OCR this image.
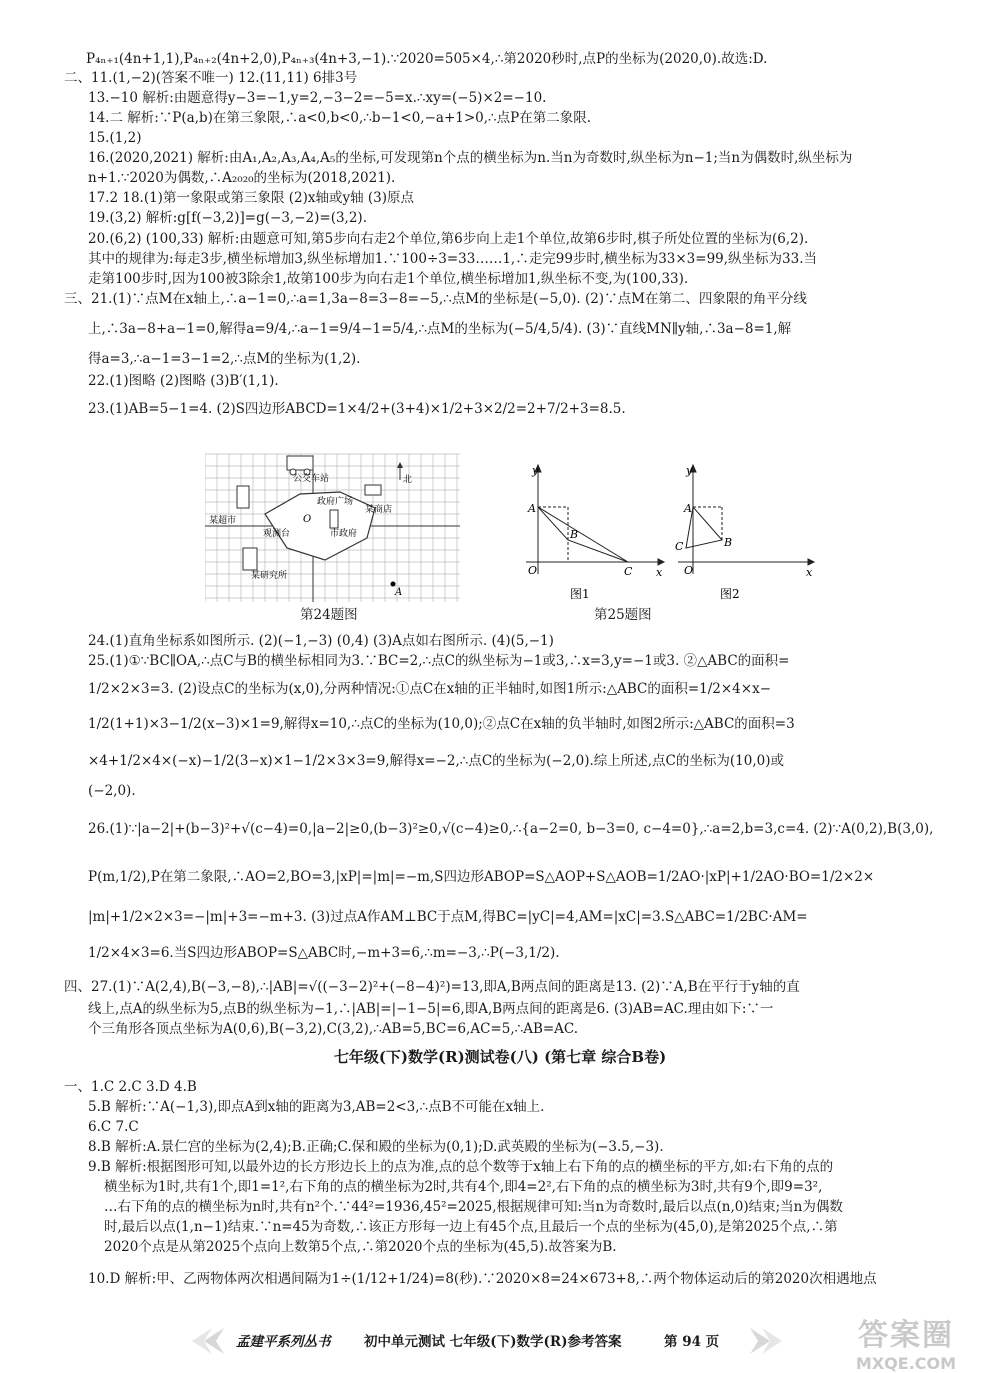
P₄ₙ₊₁(4n+1,1),P₄ₙ₊₂(4n+2,0),P₄ₙ₊₃(4n+3,−1).∵2020=505×4,∴第2020秒时,点P的坐标为(2020,0).故选:D.
二、11.(1,−2)(答案不唯一) 12.(11,11) 6排3号
13.−10 解析:由题意得y−3=−1,y=2,−3−2=−5=x.∴xy=(−5)×2=−10.
14.二 解析:∵P(a,b)在第三象限,∴a<0,b<0,∴b−1<0,−a+1>0,∴点P在第二象限.
15.(1,2)
16.(2020,2021) 解析:由A₁,A₂,A₃,A₄,A₅的坐标,可发现第n个点的横坐标为n.当n为奇数时,纵坐标为n−1;当n为偶数时,纵坐标为
n+1.∵2020为偶数,∴A₂₀₂₀的坐标为(2018,2021).
17.2 18.(1)第一象限或第三象限 (2)x轴或y轴 (3)原点
19.(3,2) 解析:g[f(−3,2)]=g(−3,−2)=(3,2).
20.(6,2) (100,33) 解析:由题意可知,第5步向右走2个单位,第6步向上走1个单位,故第6步时,棋子所处位置的坐标为(6,2).
其中的规律为:每走3步,横坐标增加3,纵坐标增加1.∵100÷3=33……1,∴走完99步时,横坐标为33×3=99,纵坐标为33.当
走第100步时,因为100被3除余1,故第100步为向右走1个单位,横坐标增加1,纵坐标不变,为(100,33).
三、21.(1)∵点M在x轴上,∴a−1=0,∴a=1,3a−8=3−8=−5,∴点M的坐标是(−5,0). (2)∵点M在第二、四象限的角平分线
上,∴3a−8+a−1=0,解得a=9/4,∴a−1=9/4−1=5/4,∴点M的坐标为(−5/4,5/4). (3)∵直线MN∥y轴,∴3a−8=1,解
得a=3,∴a−1=3−1=2,∴点M的坐标为(1,2).
22.(1)图略 (2)图略 (3)B′(1,1).
23.(1)AB=5−1=4. (2)S四边形ABCD=1×4/2+(3+4)×1/2+3×2/2=2+7/2+3=8.5.
24.(1)直角坐标系如图所示. (2)(−1,−3) (0,4) (3)A点如右图所示. (4)(5,−1)
25.(1)①∵BC∥OA,∴点C与B的横坐标相同为3.∵BC=2,∴点C的纵坐标为−1或3,∴x=3,y=−1或3. ②△ABC的面积=
1/2×2×3=3. (2)设点C的坐标为(x,0),分两种情况:①点C在x轴的正半轴时,如图1所示:△ABC的面积=1/2×4×x−
1/2(1+1)×3−1/2(x−3)×1=9,解得x=10,∴点C的坐标为(10,0);②点C在x轴的负半轴时,如图2所示:△ABC的面积=3
×4+1/2×4×(−x)−1/2(3−x)×1−1/2×3×3=9,解得x=−2,∴点C的坐标为(−2,0).综上所述,点C的坐标为(10,0)或
(−2,0).
26.(1)∵|a−2|+(b−3)²+√(c−4)=0,|a−2|≥0,(b−3)²≥0,√(c−4)≥0,∴{a−2=0, b−3=0, c−4=0},∴a=2,b=3,c=4. (2)∵A(0,2),B(3,0),
P(m,1/2),P在第二象限,∴AO=2,BO=3,|xP|=|m|=−m,S四边形ABOP=S△AOP+S△AOB=1/2AO·|xP|+1/2AO·BO=1/2×2×
|m|+1/2×2×3=−|m|+3=−m+3. (3)过点A作AM⊥BC于点M,得BC=|yC|=4,AM=|xC|=3.S△ABC=1/2BC·AM=
1/2×4×3=6.当S四边形ABOP=S△ABC时,−m+3=6,∴m=−3,∴P(−3,1/2).
四、27.(1)∵A(2,4),B(−3,−8),∴|AB|=√((−3−2)²+(−8−4)²)=13,即A,B两点间的距离是13. (2)∵A,B在平行于y轴的直
线上,点A的纵坐标为5,点B的纵坐标为−1,∴|AB|=|−1−5|=6,即A,B两点间的距离是6. (3)AB=AC.理由如下:∵一
个三角形各顶点坐标为A(0,6),B(−3,2),C(3,2),∴AB=5,BC=6,AC=5,∴AB=AC.
一、1.C 2.C 3.D 4.B
5.B 解析:∵A(−1,3),即点A到x轴的距离为3,AB=2<3,∴点B不可能在x轴上.
6.C 7.C
8.B 解析:A.景仁宫的坐标为(2,4);B.正确;C.保和殿的坐标为(0,1);D.武英殿的坐标为(−3.5,−3).
9.B 解析:根据图形可知,以最外边的长方形边长上的点为准,点的总个数等于x轴上右下角的点的横坐标的平方,如:右下角的点的
横坐标为1时,共有1个,即1=1²,右下角的点的横坐标为2时,共有4个,即4=2²,右下角的点的横坐标为3时,共有9个,即9=3²,
…右下角的点的横坐标为n时,共有n²个.∵44²=1936,45²=2025,根据规律可知:当n为奇数时,最后以点(n,0)结束;当n为偶数
时,最后以点(1,n−1)结束.∵n=45为奇数,∴该正方形每一边上有45个点,且最后一个点的坐标为(45,0),是第2025个点,∴第
2020个点是从第2025个点向上数第5个点,∴第2020个点的坐标为(45,5).故答案为B.
10.D 解析:甲、乙两物体两次相遇间隔为1÷(1/12+1/24)=8(秒).∵2020×8=24×673+8,∴两个物体运动后的第2020次相遇地点
七年级(下)数学(R)测试卷(八) (第七章 综合B卷)
公交车站	北
某超市
政府广场
某商店
观测台	市政府
某研究所
A
O
第24题图
y
x
O
A
B
C
y
x
O
A
B
C
图1	图2
第25题图
孟建平系列丛书 初中单元测试 七年级(下)数学(R)参考答案	第 94 页	答案圈
MXQE.COM
